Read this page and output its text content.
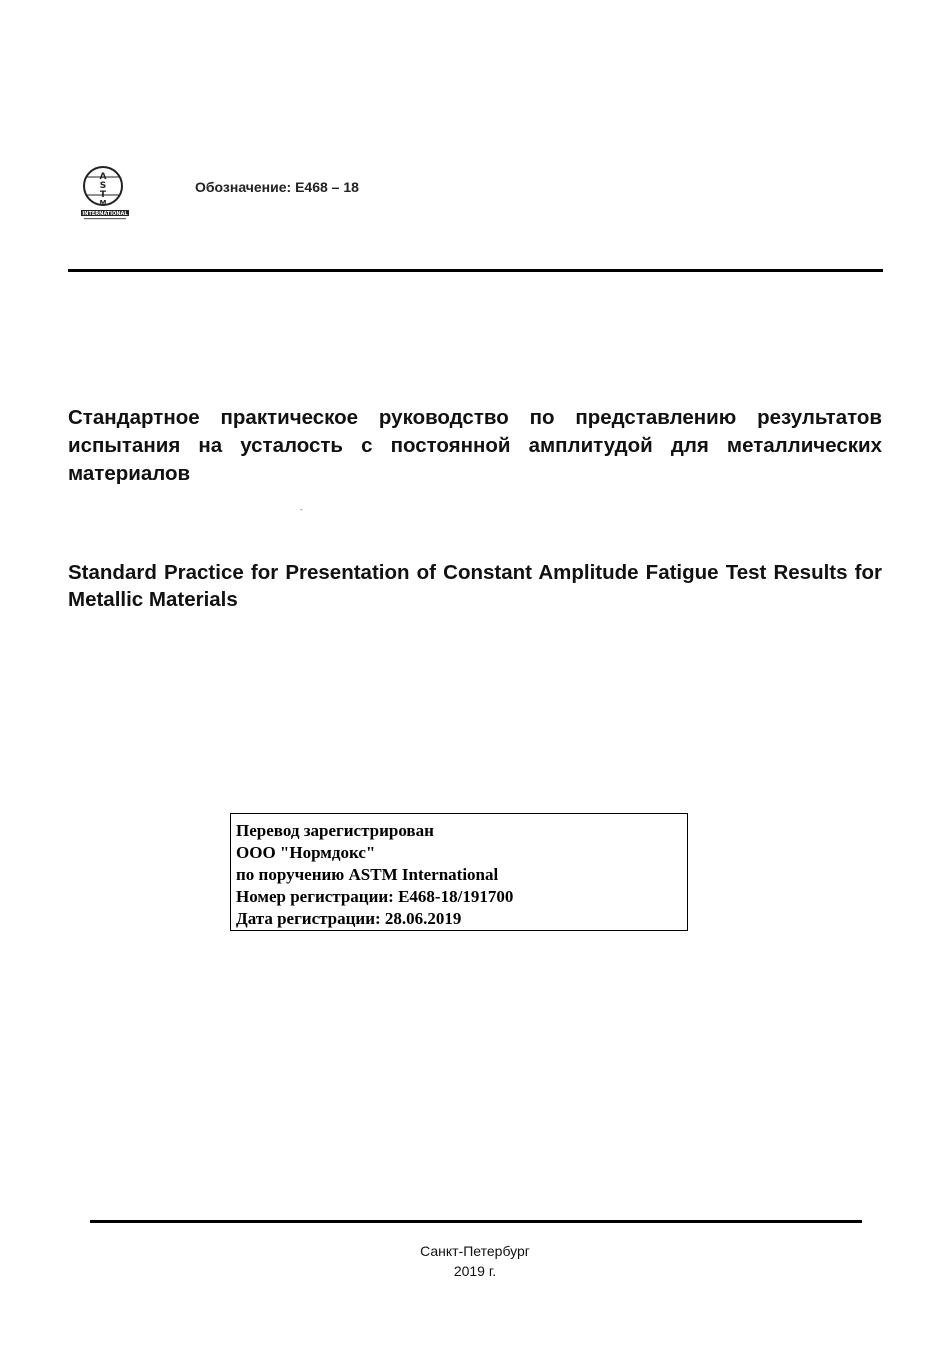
A
S
T
M
INTERNATIONAL
Обозначение: E468 – 18
Стандартное практическое руководство по представлению результатов испытания на усталость с постоянной амплитудой для металлических материалов
-
Standard Practice for Presentation of Constant Amplitude Fatigue Test Results for Metallic Materials
Перевод зарегистрирован
ООО "Нормдокс"
по поручению ASTM International
Номер регистрации: E468-18/191700
Дата регистрации: 28.06.2019
Санкт-Петербург
2019 г.
